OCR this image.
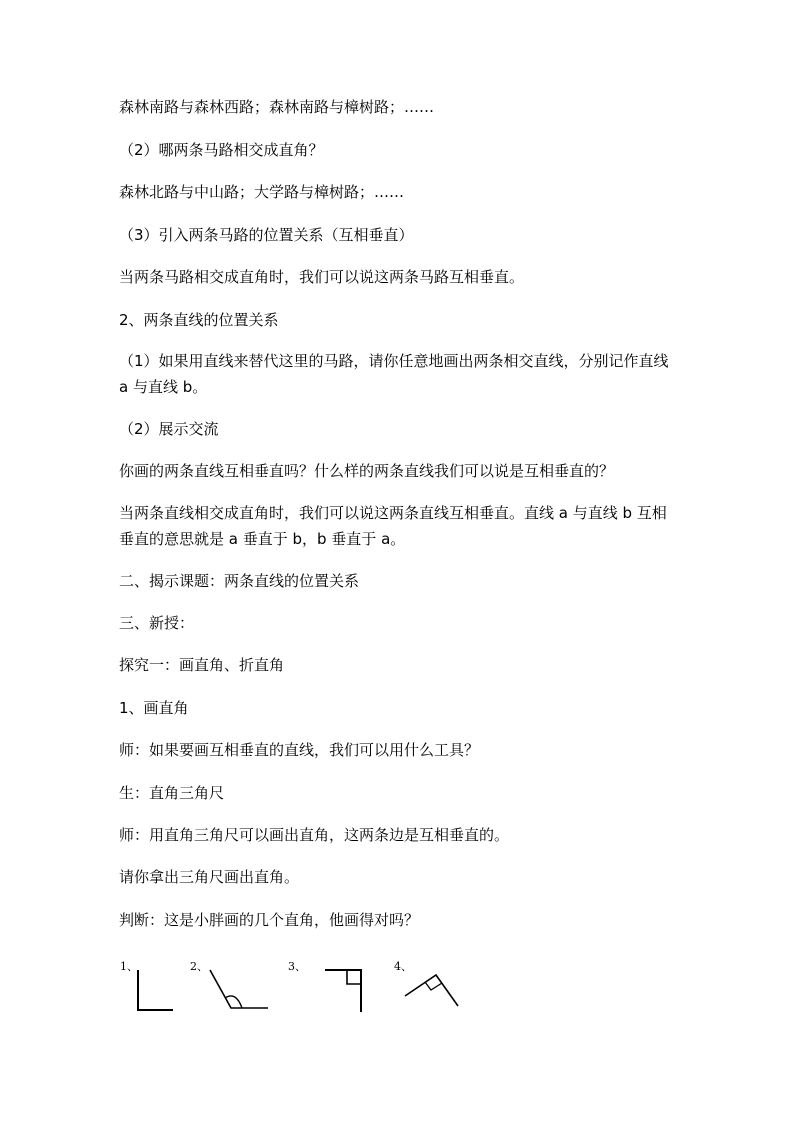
森林南路与森林西路；森林南路与樟树路；……
（2）哪两条马路相交成直角？
森林北路与中山路；大学路与樟树路；……
（3）引入两条马路的位置关系（互相垂直）
当两条马路相交成直角时，我们可以说这两条马路互相垂直。
2、两条直线的位置关系
（1）如果用直线来替代这里的马路，请你任意地画出两条相交直线，分别记作直线 a 与直线 b。
（2）展示交流
你画的两条直线互相垂直吗？什么样的两条直线我们可以说是互相垂直的？
当两条直线相交成直角时，我们可以说这两条直线互相垂直。直线 a 与直线 b 互相垂直的意思就是 a 垂直于 b，b 垂直于 a。
二、揭示课题：两条直线的位置关系
三、新授：
探究一：画直角、折直角
1、画直角
师：如果要画互相垂直的直线，我们可以用什么工具？
生：直角三角尺
师：用直角三角尺可以画出直角，这两条边是互相垂直的。
请你拿出三角尺画出直角。
判断：这是小胖画的几个直角，他画得对吗？
1、	2、	3、	4、
